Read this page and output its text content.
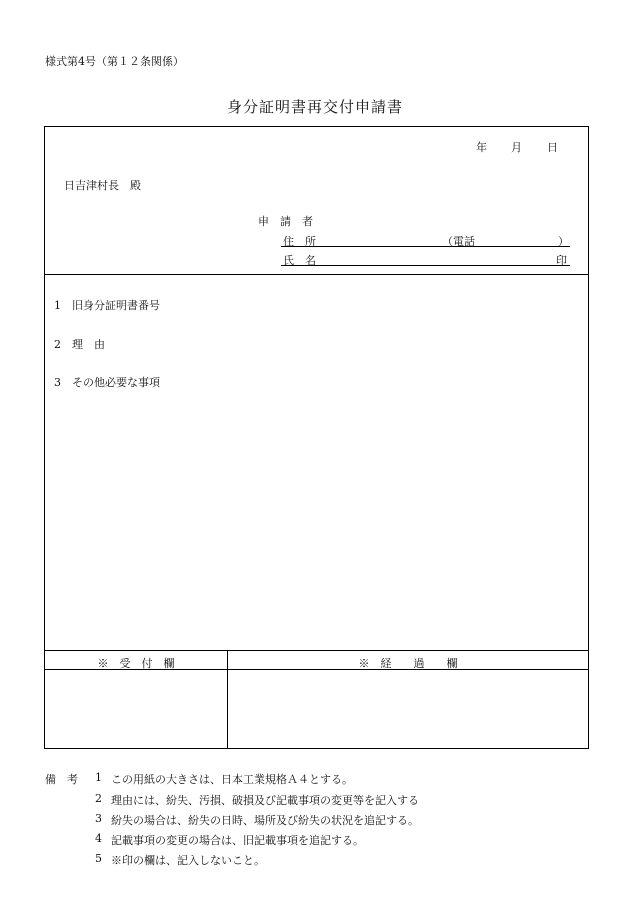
様式第4号（第１２条関係）
身分証明書再交付申請書
年 月 日
日吉津村長　殿
申　請　者
住　所	（電話	）
氏　名	印
1　旧身分証明書番号
2　理　由
3　その他必要な事項
※　受　付　欄	※　経　　過　　欄
備　考 1 この用紙の大きさは、日本工業規格Ａ４とする。
2 理由には、紛失、汚損、破損及び記載事項の変更等を記入する
3 紛失の場合は、紛失の日時、場所及び紛失の状況を追記する。
4 記載事項の変更の場合は、旧記載事項を追記する。
5 ※印の欄は、記入しないこと。
